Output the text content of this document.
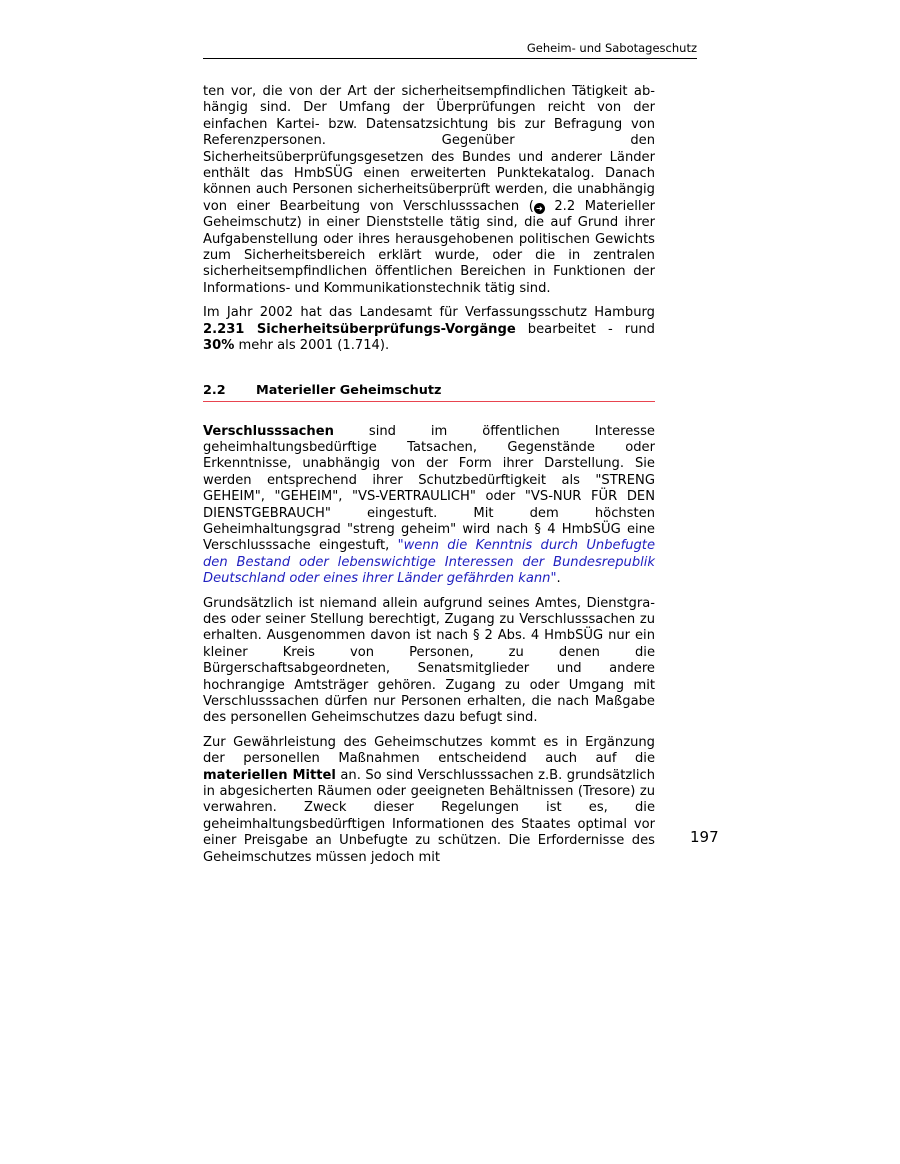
Geheim- und Sabotageschutz

ten vor, die von der Art der sicherheitsempfindlichen Tätigkeit abhängig sind. Der Umfang der Überprüfungen reicht von der einfachen Kartei- bzw. Datensatzsichtung bis zur Befragung von Referenzpersonen. Gegenüber den Sicherheitsüberprüfungsgesetzen des Bundes und anderer Länder enthält das HmbSÜG einen erweiterten Punktekatalog. Danach können auch Personen sicherheitsüberprüft werden, die unabhängig von einer Bearbeitung von Verschlusssachen ( ➜ 2.2 Materieller Geheimschutz) in einer Dienststelle tätig sind, die auf Grund ihrer Aufgabenstellung oder ihres herausgehobenen politischen Gewichts zum Sicherheitsbereich erklärt wurde, oder die in zentralen sicherheitsempfindlichen öffentlichen Bereichen in Funktionen der Informations- und Kommunikationstechnik tätig sind.

Im Jahr 2002 hat das Landesamt für Verfassungsschutz Hamburg 2.231 Sicherheitsüberprüfungs-Vorgänge bearbeitet - rund 30% mehr als 2001 (1.714).

2.2 Materieller Geheimschutz

Verschlusssachen sind im öffentlichen Interesse geheimhaltungsbedürftige Tatsachen, Gegenstände oder Erkenntnisse, unabhängig von der Form ihrer Darstellung. Sie werden entsprechend ihrer Schutzbedürftigkeit als "STRENG GEHEIM", "GEHEIM", "VS-VERTRAULICH" oder "VS-NUR FÜR DEN DIENSTGEBRAUCH" eingestuft. Mit dem höchsten Geheimhaltungsgrad "streng geheim" wird nach § 4 HmbSÜG eine Verschlusssache eingestuft, "wenn die Kenntnis durch Unbefugte den Bestand oder lebenswichtige Interessen der Bundesrepublik Deutschland oder eines ihrer Länder gefährden kann".

Grundsätzlich ist niemand allein aufgrund seines Amtes, Dienstgrades oder seiner Stellung berechtigt, Zugang zu Verschlusssachen zu erhalten. Ausgenommen davon ist nach § 2 Abs. 4 HmbSÜG nur ein kleiner Kreis von Personen, zu denen die Bürgerschaftsabgeordneten, Senatsmitglieder und andere hochrangige Amtsträger gehören. Zugang zu oder Umgang mit Verschlusssachen dürfen nur Personen erhalten, die nach Maßgabe des personellen Geheimschutzes dazu befugt sind.

Zur Gewährleistung des Geheimschutzes kommt es in Ergänzung der personellen Maßnahmen entscheidend auch auf die materiellen Mittel an. So sind Verschlusssachen z.B. grundsätzlich in abgesicherten Räumen oder geeigneten Behältnissen (Tresore) zu verwahren. Zweck dieser Regelungen ist es, die geheimhaltungsbedürftigen Informationen des Staates optimal vor einer Preisgabe an Unbefugte zu schützen. Die Erfordernisse des Geheimschutzes müssen jedoch mit

197
